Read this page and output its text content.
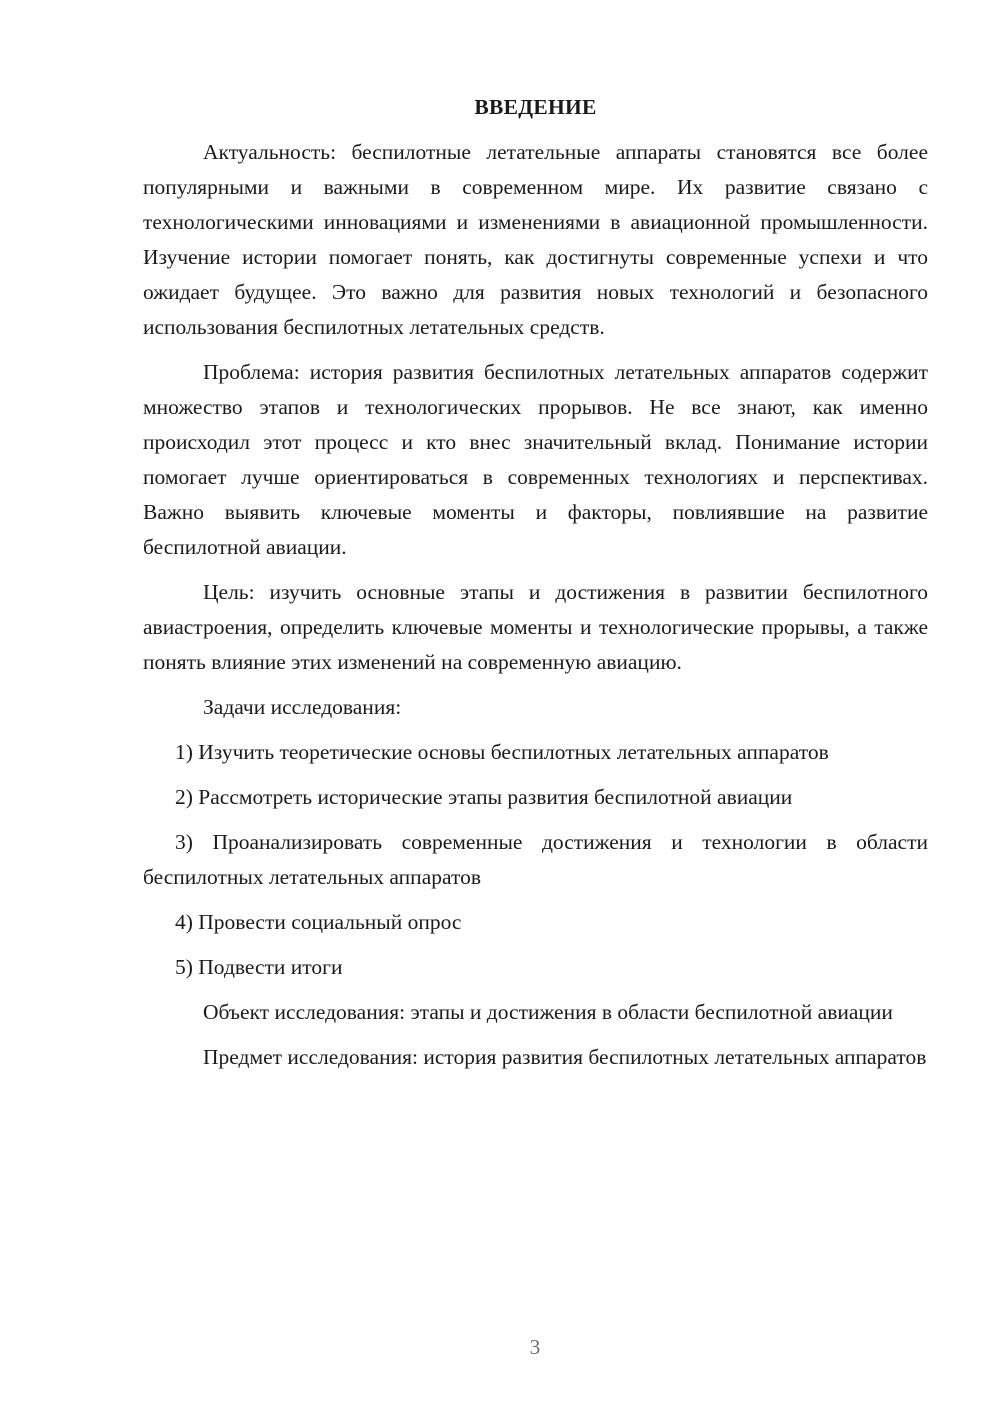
ВВЕДЕНИЕ

Актуальность: беспилотные летательные аппараты становятся все более популярными и важными в современном мире. Их развитие связано с технологическими инновациями и изменениями в авиационной промышленности. Изучение истории помогает понять, как достигнуты современные успехи и что ожидает будущее. Это важно для развития новых технологий и безопасного использования беспилотных летательных средств.

Проблема: история развития беспилотных летательных аппаратов содержит множество этапов и технологических прорывов. Не все знают, как именно происходил этот процесс и кто внес значительный вклад. Понимание истории помогает лучше ориентироваться в современных технологиях и перспективах. Важно выявить ключевые моменты и факторы, повлиявшие на развитие беспилотной авиации.

Цель: изучить основные этапы и достижения в развитии беспилотного авиастроения, определить ключевые моменты и технологические прорывы, а также понять влияние этих изменений на современную авиацию.

Задачи исследования:

1) Изучить теоретические основы беспилотных летательных аппаратов

2) Рассмотреть исторические этапы развития беспилотной авиации

3) Проанализировать современные достижения и технологии в области беспилотных летательных аппаратов

4) Провести социальный опрос

5) Подвести итоги

Объект исследования: этапы и достижения в области беспилотной авиации

Предмет исследования: история развития беспилотных летательных аппаратов

3
